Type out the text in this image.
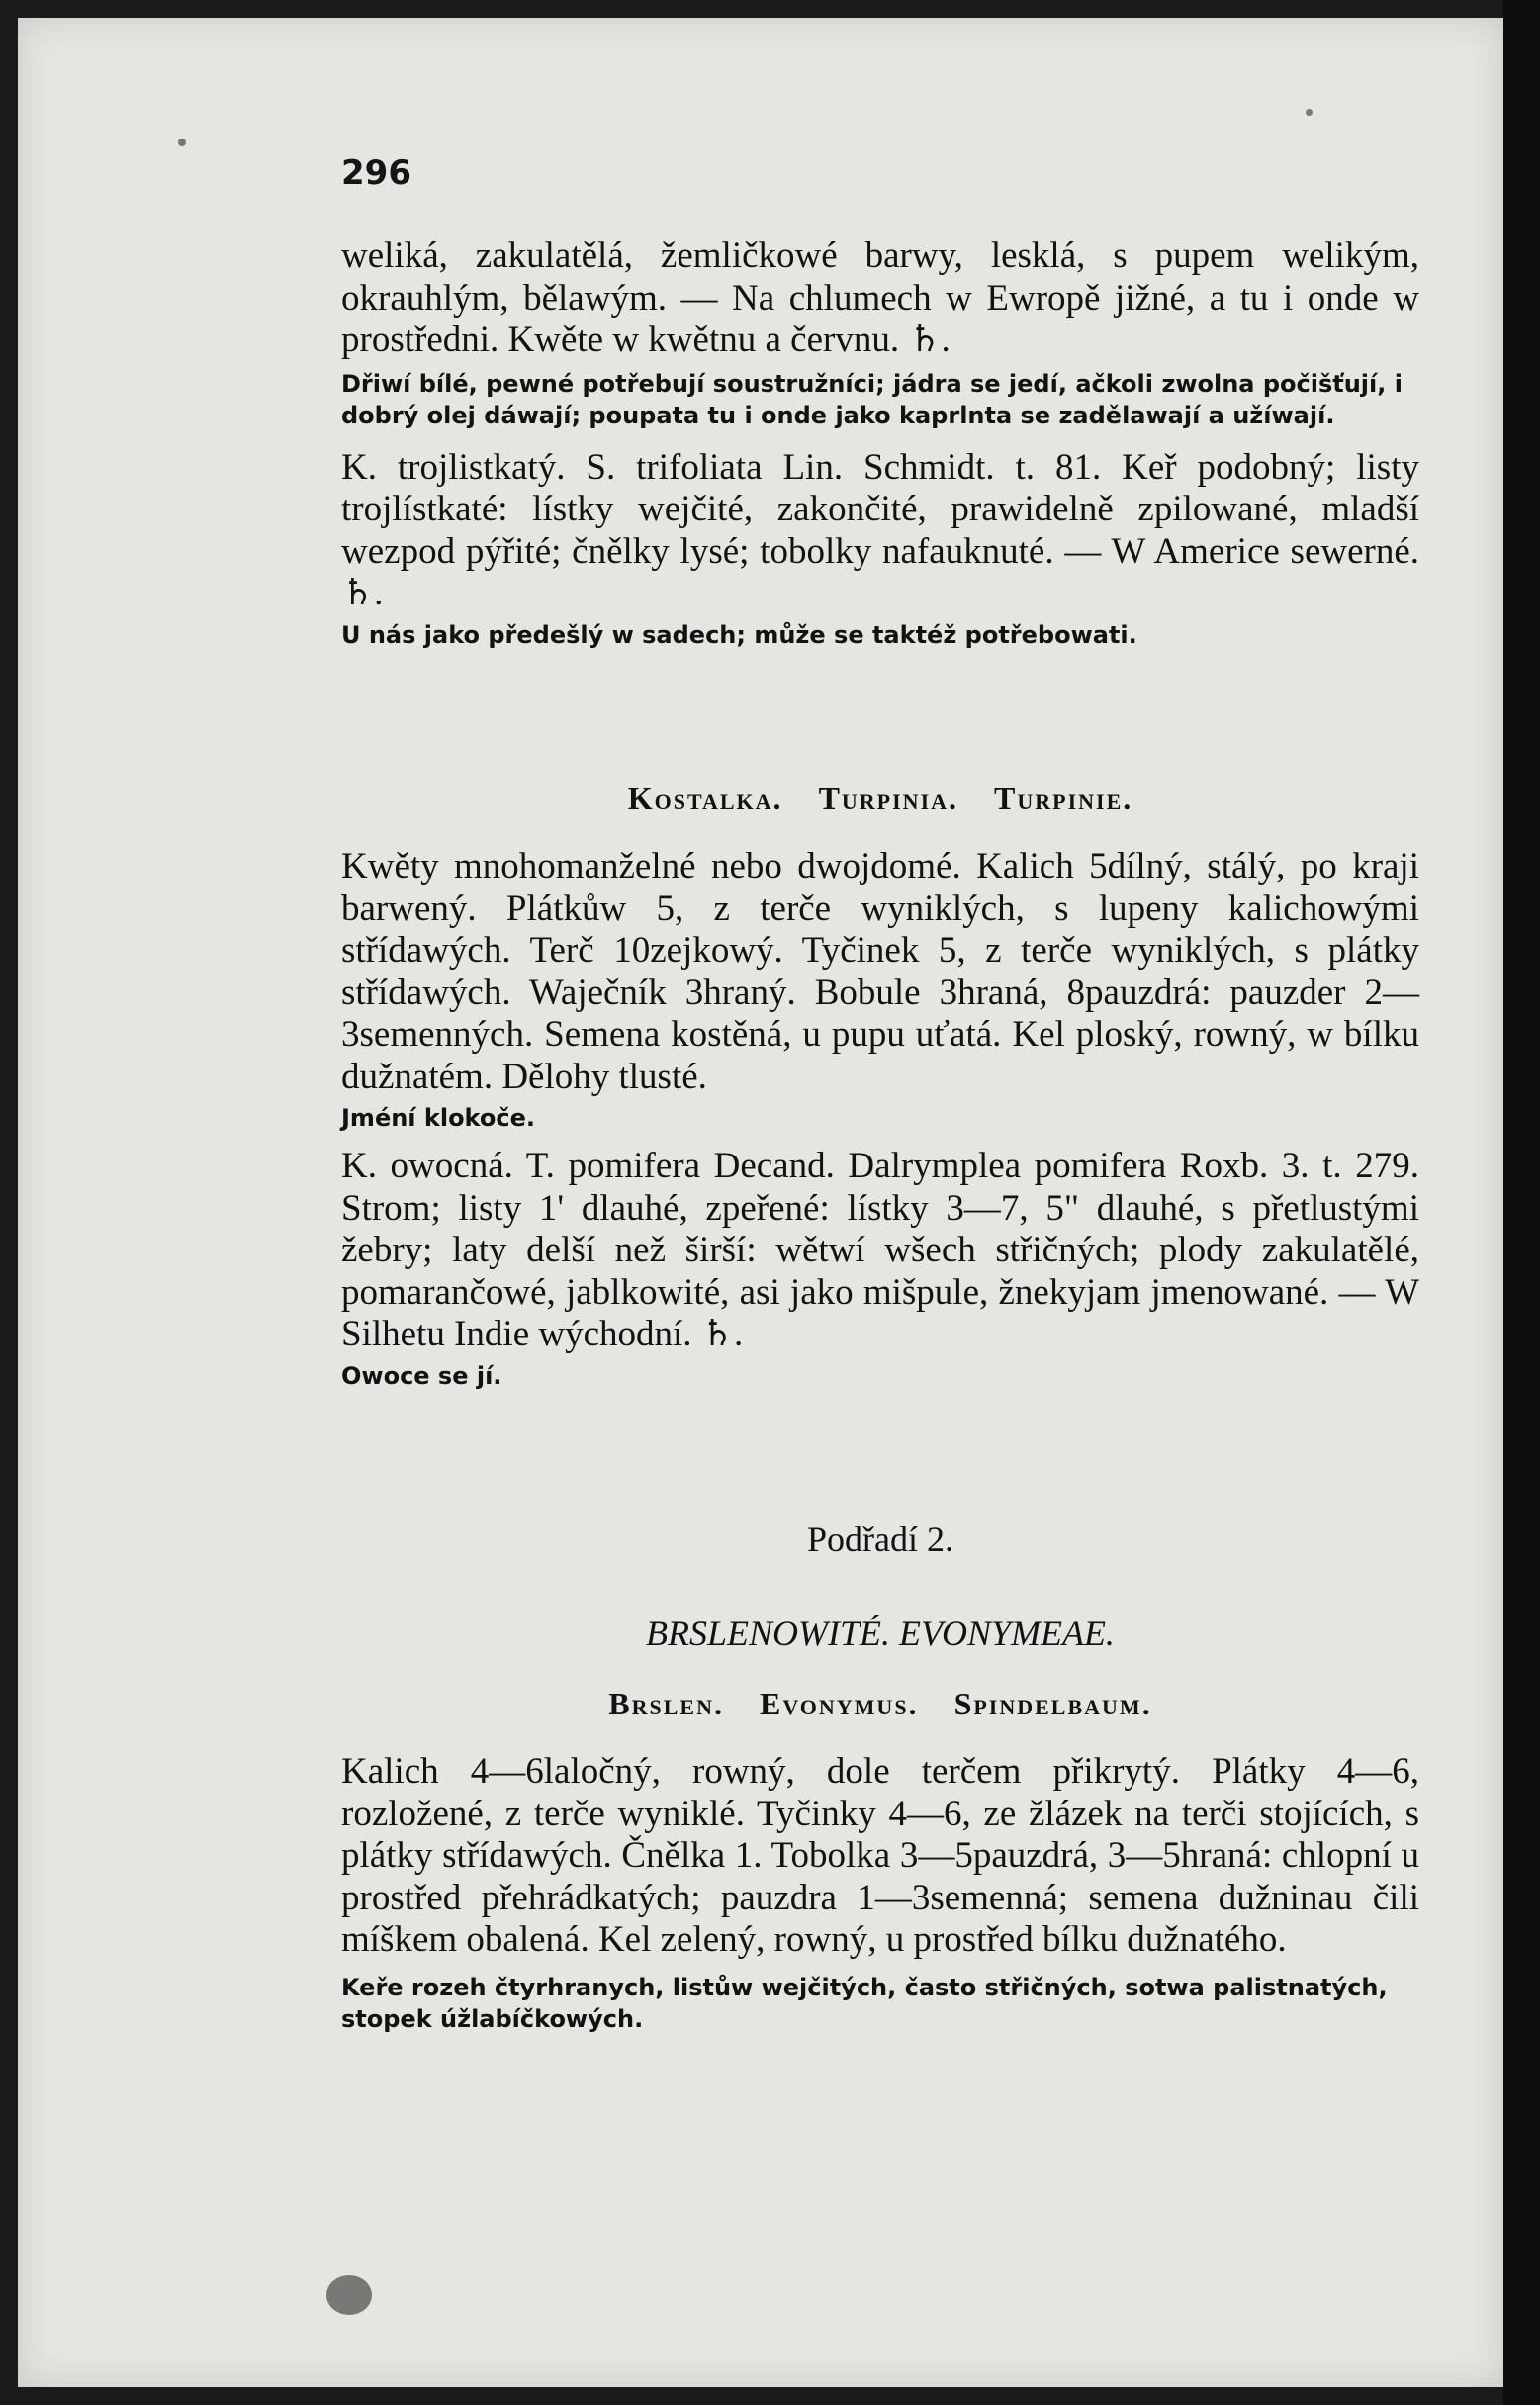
296

weliká, zakulatělá, žemličkowé barwy, lesklá, s pupem welikým, okrauhlým, bělawým. — Na chlumech w Ewropě jižné, a tu i onde w prostředni. Kwěte w kwětnu a červnu. ♄.

Dřiwí bílé, pewné potřebují soustružníci; jádra se jedí, ačkoli zwolna počišťují, i dobrý olej dáwají; poupata tu i onde jako kaprlnta se zadělawají a užíwají.

K. trojlistkatý. S. trifoliata Lin. Schmidt. t. 81. Keř podobný; listy trojlístkaté: lístky wejčité, zakončité, prawidelně zpilowané, mladší wezpod pýřité; čnělky lysé; tobolky nafauknuté. — W Americe sewerné. ♄.

U nás jako předešlý w sadech; může se taktéž potřebowati.

Kostalka. Turpinia. Turpinie.

Kwěty mnohomanželné nebo dwojdomé. Kalich 5dílný, stálý, po kraji barwený. Plátkůw 5, z terče wyniklých, s lupeny kalichowými střídawých. Terč 10zejkowý. Tyčinek 5, z terče wyniklých, s plátky střídawých. Waječník 3hraný. Bobule 3hraná, 8pauzdrá: pauzder 2—3semenných. Semena kostěná, u pupu uťatá. Kel ploský, rowný, w bílku dužnatém. Dělohy tlusté.

Jméní klokoče.

K. owocná. T. pomifera Decand. Dalrymplea pomifera Roxb. 3. t. 279. Strom; listy 1' dlauhé, zpeřené: lístky 3—7, 5" dlauhé, s přetlustými žebry; laty delší než širší: wětwí wšech střičných; plody zakulatělé, pomarančowé, jablkowité, asi jako mišpule, žnekyjam jmenowané. — W Silhetu Indie wýchodní. ♄.

Owoce se jí.

Podřadí 2.
BRSLENOWITÉ. EVONYMEAE.
Brslen. Evonymus. Spindelbaum.

Kalich 4—6laločný, rowný, dole terčem přikrytý. Plátky 4—6, rozložené, z terče wyniklé. Tyčinky 4—6, ze žlázek na terči stojících, s plátky střídawých. Čnělka 1. Tobolka 3—5pauzdrá, 3—5hraná: chlopní u prostřed přehrádkatých; pauzdra 1—3semenná; semena dužninau čili míškem obalená. Kel zelený, rowný, u prostřed bílku dužnatého.

Keře rozeh čtyrhranych, listůw wejčitých, často střičných, sotwa palistnatých, stopek úžlabíčkowých.
